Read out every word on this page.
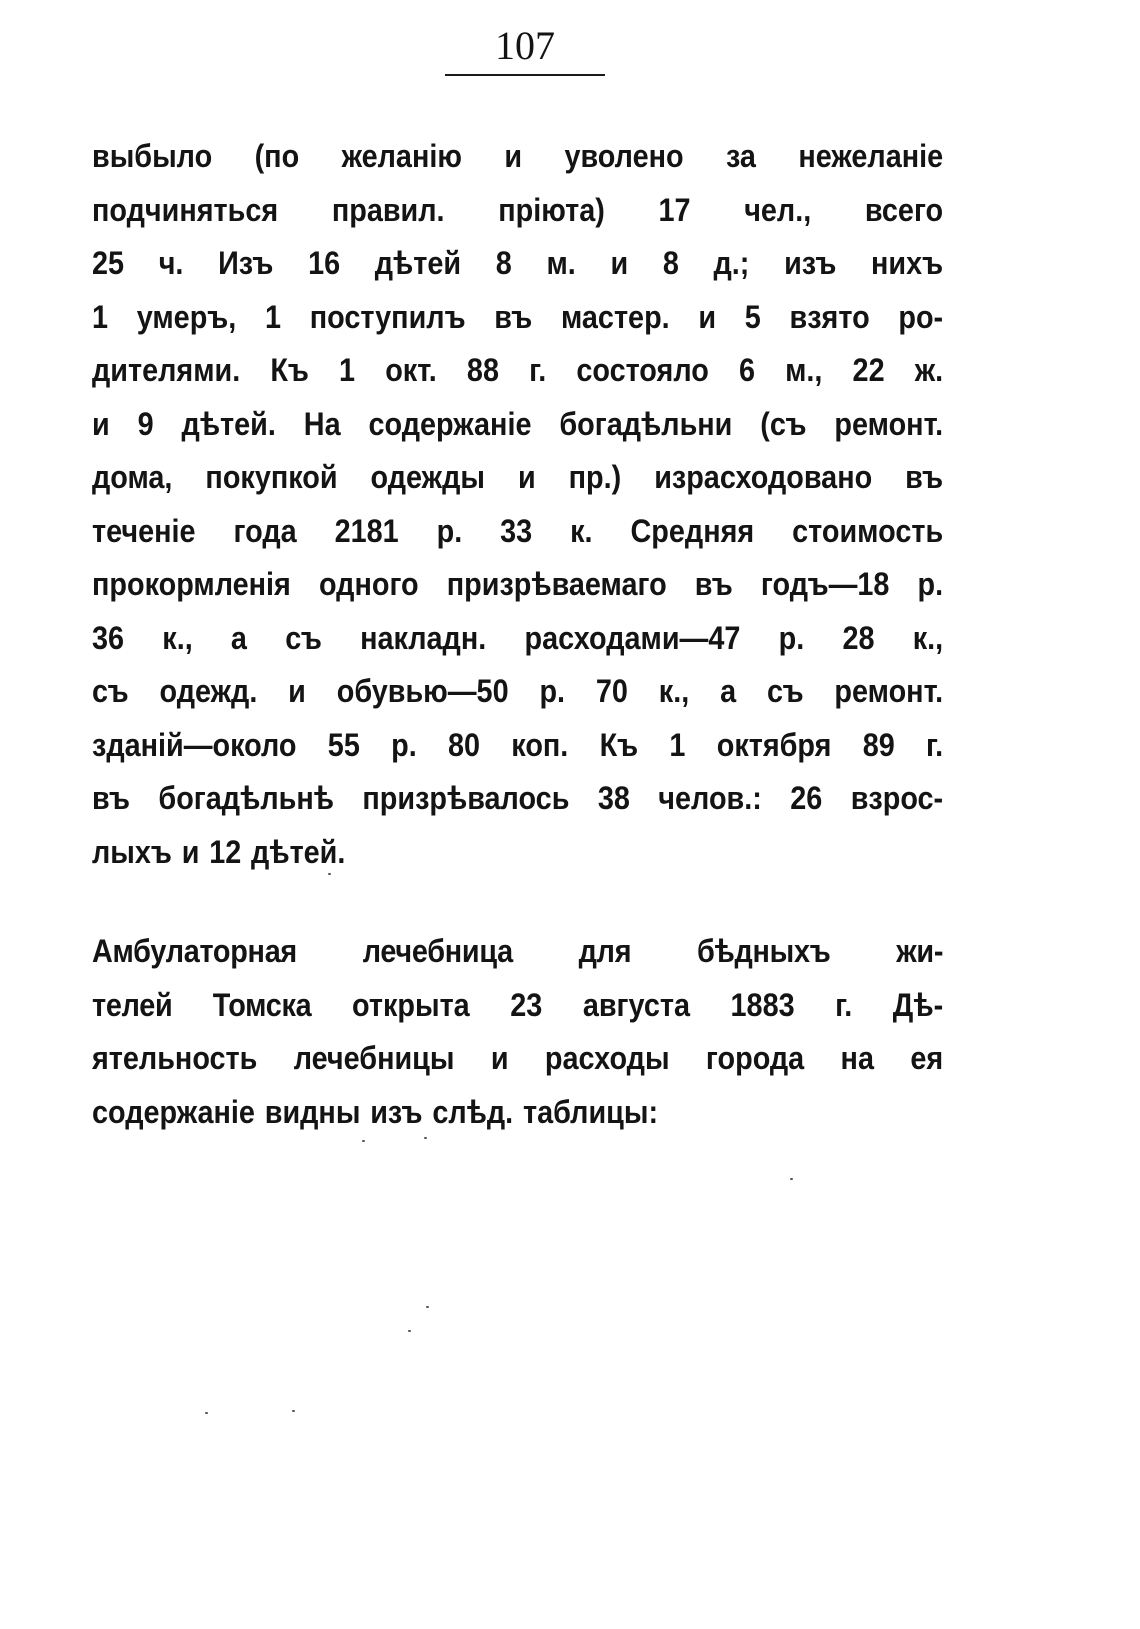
107

выбыло (по желанію и уволено за нежеланіе
подчиняться правил. пріюта) 17 чел., всего
25 ч. Изъ 16 дѣтей 8 м. и 8 д.; изъ нихъ
1 умеръ, 1 поступилъ въ мастер. и 5 взято ро-
дителями. Къ 1 окт. 88 г. состояло 6 м., 22 ж.
и 9 дѣтей. На содержаніе богадѣльни (съ ремонт.
дома, покупкой одежды и пр.) израсходовано въ
теченіе года 2181 р. 33 к. Средняя стоимость
прокормленія одного призрѣваемаго въ годъ—18 р.
36 к., а съ накладн. расходами—47 р. 28 к.,
съ одежд. и обувью—50 р. 70 к., а съ ремонт.
зданій—около 55 р. 80 коп. Къ 1 октября 89 г.
въ богадѣльнѣ призрѣвалось 38 челов.: 26 взрос-
лыхъ и 12 дѣтей.

Амбулаторная лечебница для бѣдныхъ жи-
телей Томска открыта 23 августа 1883 г. Дѣ-
ятельность лечебницы и расходы города на ея
содержаніе видны изъ слѣд. таблицы:
